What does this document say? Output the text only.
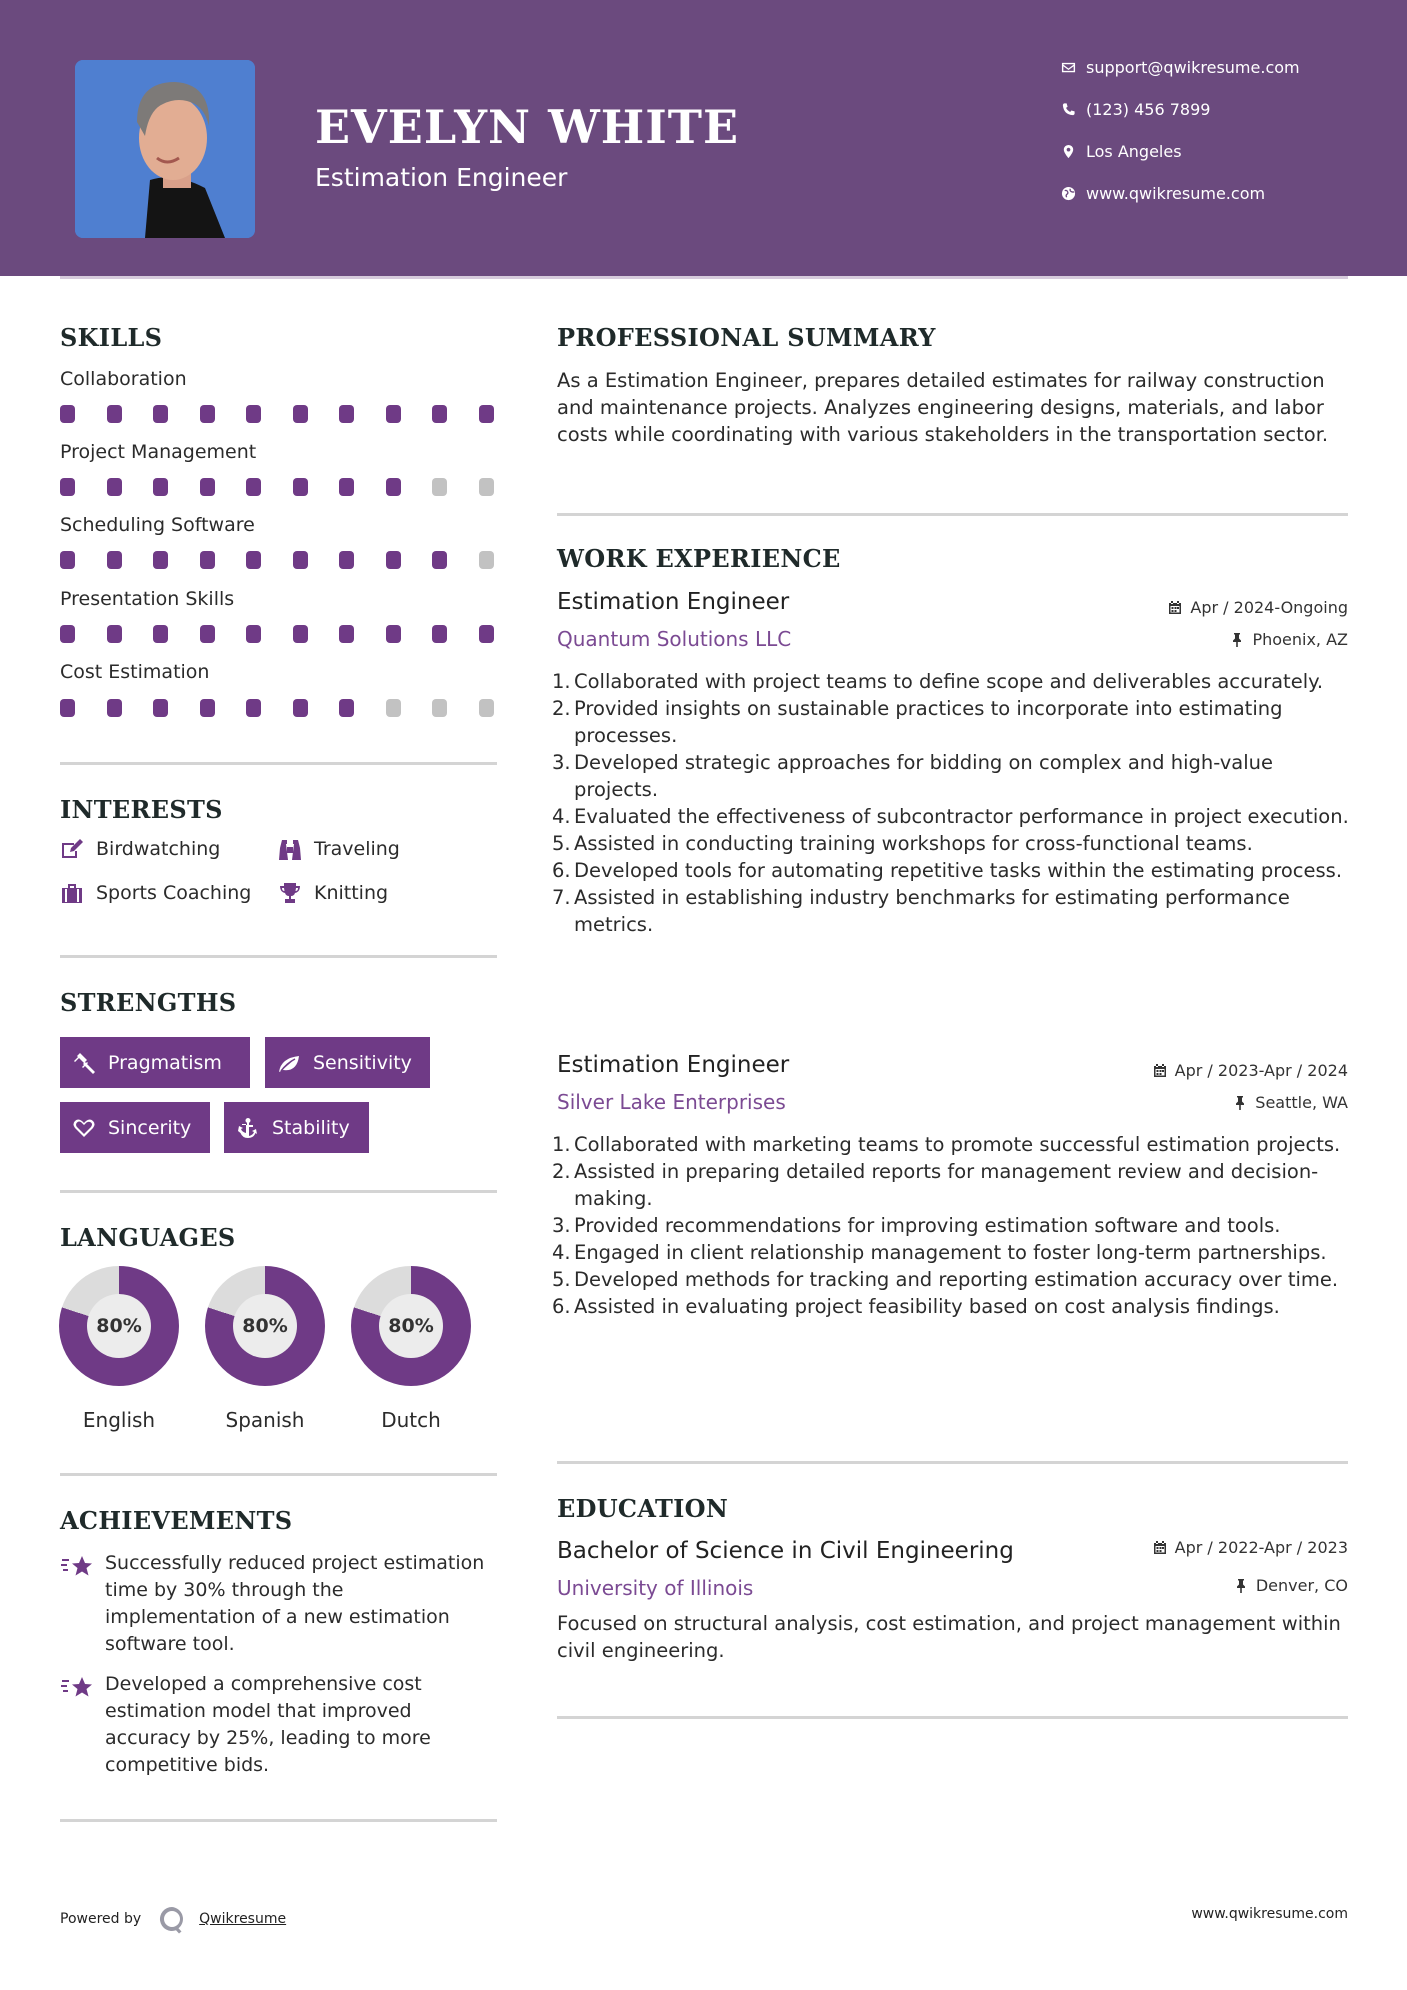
EVELYN WHITE
Estimation Engineer
support@qwikresume.com
(123) 456 7899
Los Angeles
www.qwikresume.com
SKILLS
Collaboration
Project Management
Scheduling Software
Presentation Skills
Cost Estimation
INTERESTS
Birdwatching	Traveling
Sports Coaching	Knitting
STRENGTHS
Pragmatism	Sensitivity
Sincerity	Stability
LANGUAGES
80%
English
80%
Spanish
80%
Dutch
ACHIEVEMENTS
Successfully reduced project estimation time by 30% through the implementation of a new estimation software tool.
Developed a comprehensive cost estimation model that improved accuracy by 25%, leading to more competitive bids.
PROFESSIONAL SUMMARY
As a Estimation Engineer, prepares detailed estimates for railway construction and maintenance projects. Analyzes engineering designs, materials, and labor costs while coordinating with various stakeholders in the transportation sector.
WORK EXPERIENCE
Estimation Engineer	Apr / 2024-Ongoing
Quantum Solutions LLC	Phoenix, AZ
1. Collaborated with project teams to define scope and deliverables accurately.
2. Provided insights on sustainable practices to incorporate into estimating processes.
3. Developed strategic approaches for bidding on complex and high-value projects.
4. Evaluated the effectiveness of subcontractor performance in project execution.
5. Assisted in conducting training workshops for cross-functional teams.
6. Developed tools for automating repetitive tasks within the estimating process.
7. Assisted in establishing industry benchmarks for estimating performance metrics.
Estimation Engineer	Apr / 2023-Apr / 2024
Silver Lake Enterprises	Seattle, WA
1. Collaborated with marketing teams to promote successful estimation projects.
2. Assisted in preparing detailed reports for management review and decision-making.
3. Provided recommendations for improving estimation software and tools.
4. Engaged in client relationship management to foster long-term partnerships.
5. Developed methods for tracking and reporting estimation accuracy over time.
6. Assisted in evaluating project feasibility based on cost analysis findings.
EDUCATION
Bachelor of Science in Civil Engineering	Apr / 2022-Apr / 2023
University of Illinois	Denver, CO
Focused on structural analysis, cost estimation, and project management within civil engineering.
Powered by	Qwikresume	www.qwikresume.com
